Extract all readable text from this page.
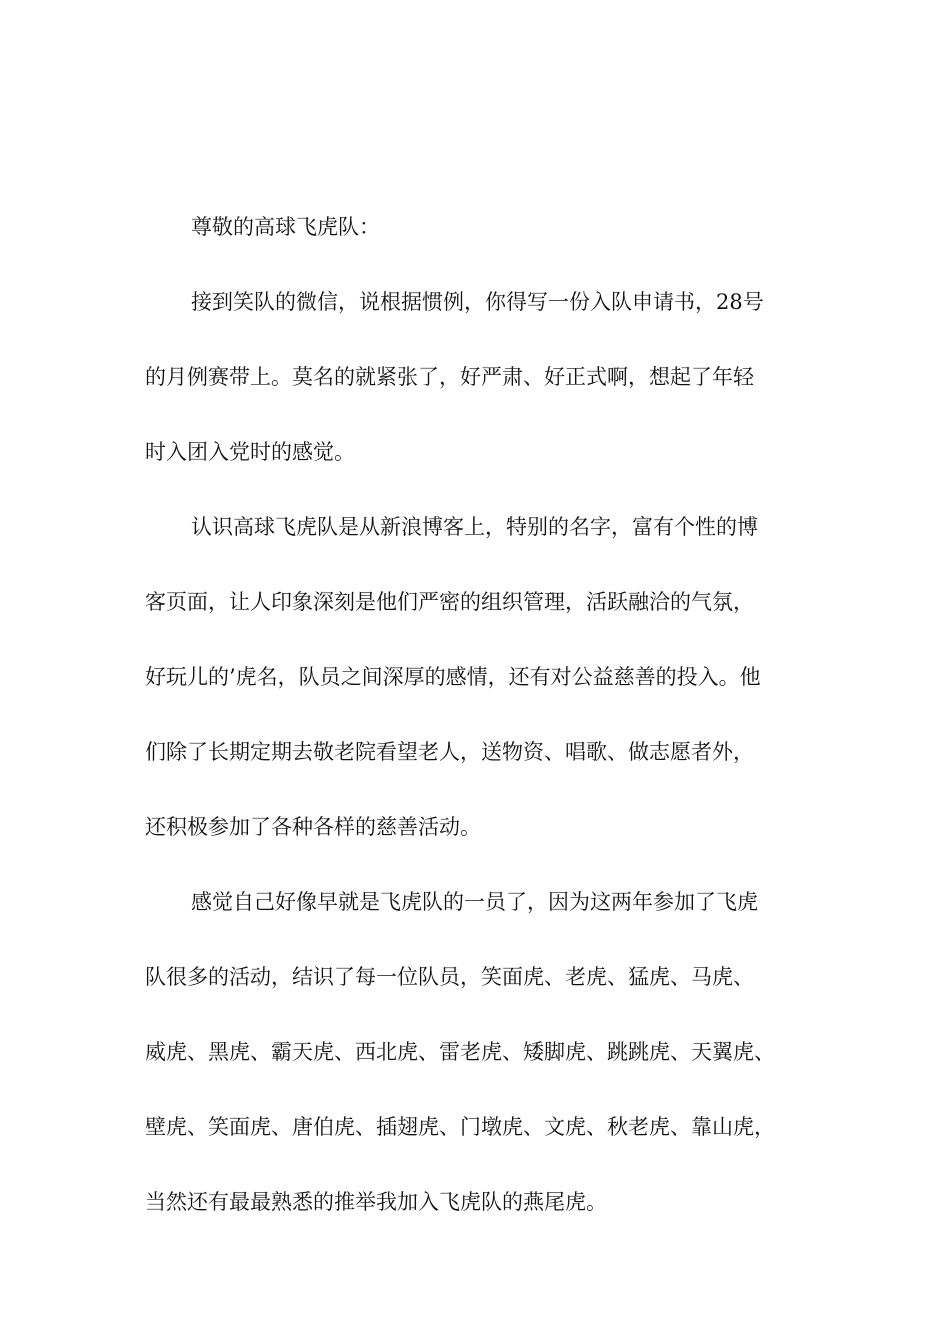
尊敬的高球飞虎队：
接到笑队的微信，说根据惯例，你得写一份入队申请书，28号
的月例赛带上。莫名的就紧张了，好严肃、好正式啊，想起了年轻
时入团入党时的感觉。
认识高球飞虎队是从新浪博客上，特别的名字，富有个性的博
客页面，让人印象深刻是他们严密的组织管理，活跃融洽的气氛，
好玩儿的’虎名，队员之间深厚的感情，还有对公益慈善的投入。他
们除了长期定期去敬老院看望老人，送物资、唱歌、做志愿者外，
还积极参加了各种各样的慈善活动。
感觉自己好像早就是飞虎队的一员了，因为这两年参加了飞虎
队很多的活动，结识了每一位队员，笑面虎、老虎、猛虎、马虎、
威虎、黑虎、霸天虎、西北虎、雷老虎、矮脚虎、跳跳虎、天翼虎、
壁虎、笑面虎、唐伯虎、插翅虎、门墩虎、文虎、秋老虎、靠山虎，
当然还有最最熟悉的推举我加入飞虎队的燕尾虎。
